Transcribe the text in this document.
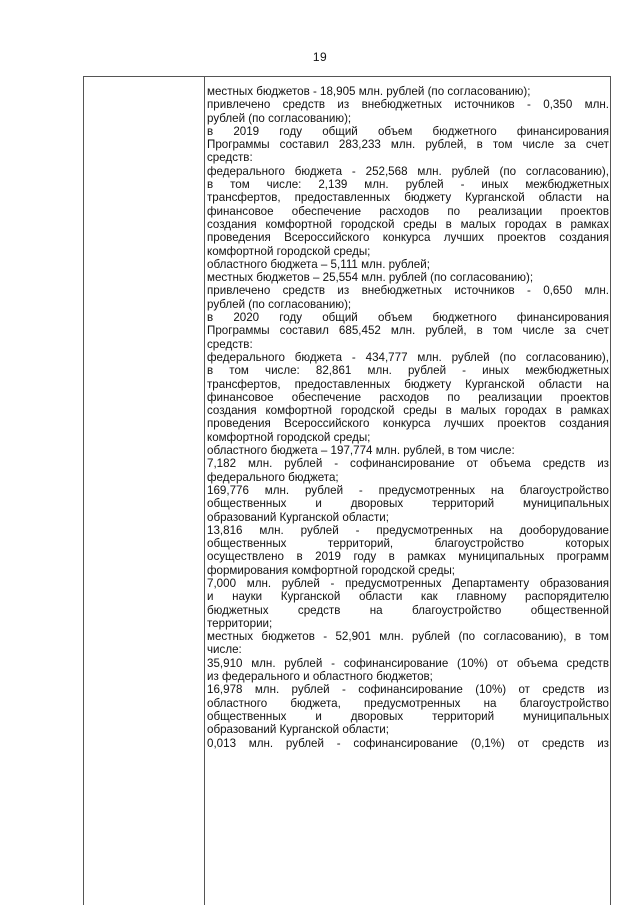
19
местных бюджетов - 18,905 млн. рублей (по согласованию);
привлечено средств из внебюджетных источников - 0,350 млн.
рублей (по согласованию);
в 2019 году общий объем бюджетного финансирования
Программы составил 283,233 млн. рублей, в том числе за счет
средств:
федерального бюджета - 252,568 млн. рублей (по согласованию),
в том числе: 2,139 млн. рублей - иных межбюджетных
трансфертов, предоставленных бюджету Курганской области на
финансовое обеспечение расходов по реализации проектов
создания комфортной городской среды в малых городах в рамках
проведения Всероссийского конкурса лучших проектов создания
комфортной городской среды;
областного бюджета – 5,111 млн. рублей;
местных бюджетов – 25,554 млн. рублей (по согласованию);
привлечено средств из внебюджетных источников - 0,650 млн.
рублей (по согласованию);
в 2020 году общий объем бюджетного финансирования
Программы составил 685,452 млн. рублей, в том числе за счет
средств:
федерального бюджета - 434,777 млн. рублей (по согласованию),
в том числе: 82,861 млн. рублей - иных межбюджетных
трансфертов, предоставленных бюджету Курганской области на
финансовое обеспечение расходов по реализации проектов
создания комфортной городской среды в малых городах в рамках
проведения Всероссийского конкурса лучших проектов создания
комфортной городской среды;
областного бюджета – 197,774 млн. рублей, в том числе:
7,182 млн. рублей - софинансирование от объема средств из
федерального бюджета;
169,776 млн. рублей - предусмотренных на благоустройство
общественных и дворовых территорий муниципальных
образований Курганской области;
13,816 млн. рублей - предусмотренных на дооборудование
общественных территорий, благоустройство которых
осуществлено в 2019 году в рамках муниципальных программ
формирования комфортной городской среды;
7,000 млн. рублей - предусмотренных Департаменту образования
и науки Курганской области как главному распорядителю
бюджетных средств на благоустройство общественной
территории;
местных бюджетов - 52,901 млн. рублей (по согласованию), в том
числе:
35,910 млн. рублей - софинансирование (10%) от объема средств
из федерального и областного бюджетов;
16,978 млн. рублей - софинансирование (10%) от средств из
областного бюджета, предусмотренных на благоустройство
общественных и дворовых территорий муниципальных
образований Курганской области;
0,013 млн. рублей - софинансирование (0,1%) от средств из
